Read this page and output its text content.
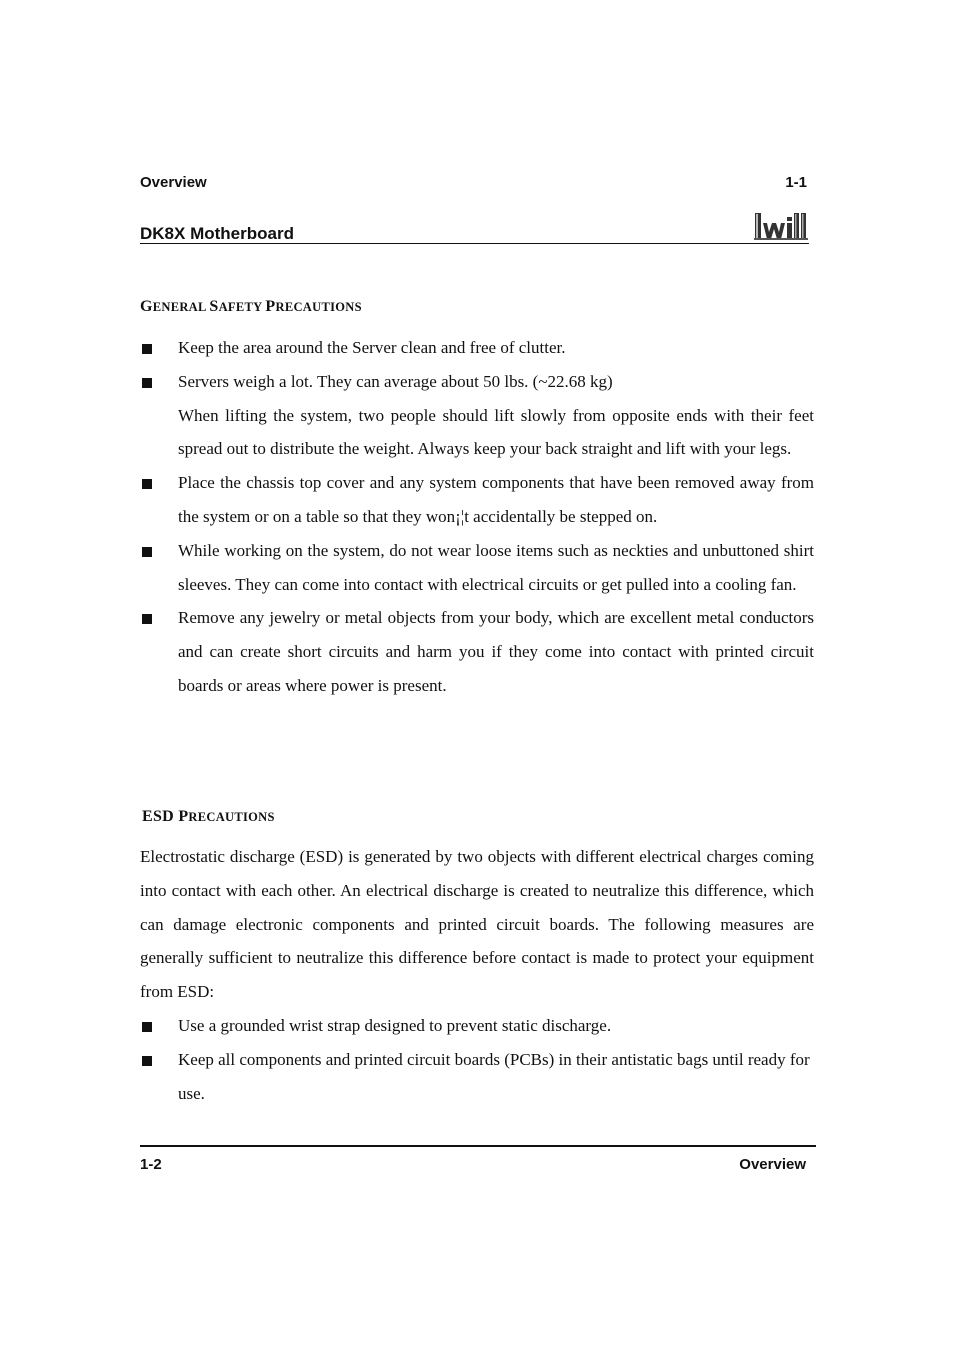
Overview	1-1
DK8X Motherboard
GENERAL SAFETY PRECAUTIONS
Keep the area around the Server clean and free of clutter.
Servers weigh a lot. They can average about 50 lbs. (~22.68 kg)
When lifting the system, two people should lift slowly from opposite ends with their feet spread out to distribute the weight. Always keep your back straight and lift with your legs.
Place the chassis top cover and any system components that have been removed away from the system or on a table so that they won¡¦t accidentally be stepped on.
While working on the system, do not wear loose items such as neckties and unbuttoned shirt sleeves. They can come into contact with electrical circuits or get pulled into a cooling fan.
Remove any jewelry or metal objects from your body, which are excellent metal conductors and can create short circuits and harm you if they come into contact with printed circuit boards or areas where power is present.
ESD PRECAUTIONS

Electrostatic discharge (ESD) is generated by two objects with different electrical charges coming into contact with each other. An electrical discharge is created to neutralize this difference, which can damage electronic components and printed circuit boards. The following measures are generally sufficient to neutralize this difference before contact is made to protect your equipment from ESD:

Use a grounded wrist strap designed to prevent static discharge.
Keep all components and printed circuit boards (PCBs) in their antistatic bags until ready for use.
1-2	Overview
